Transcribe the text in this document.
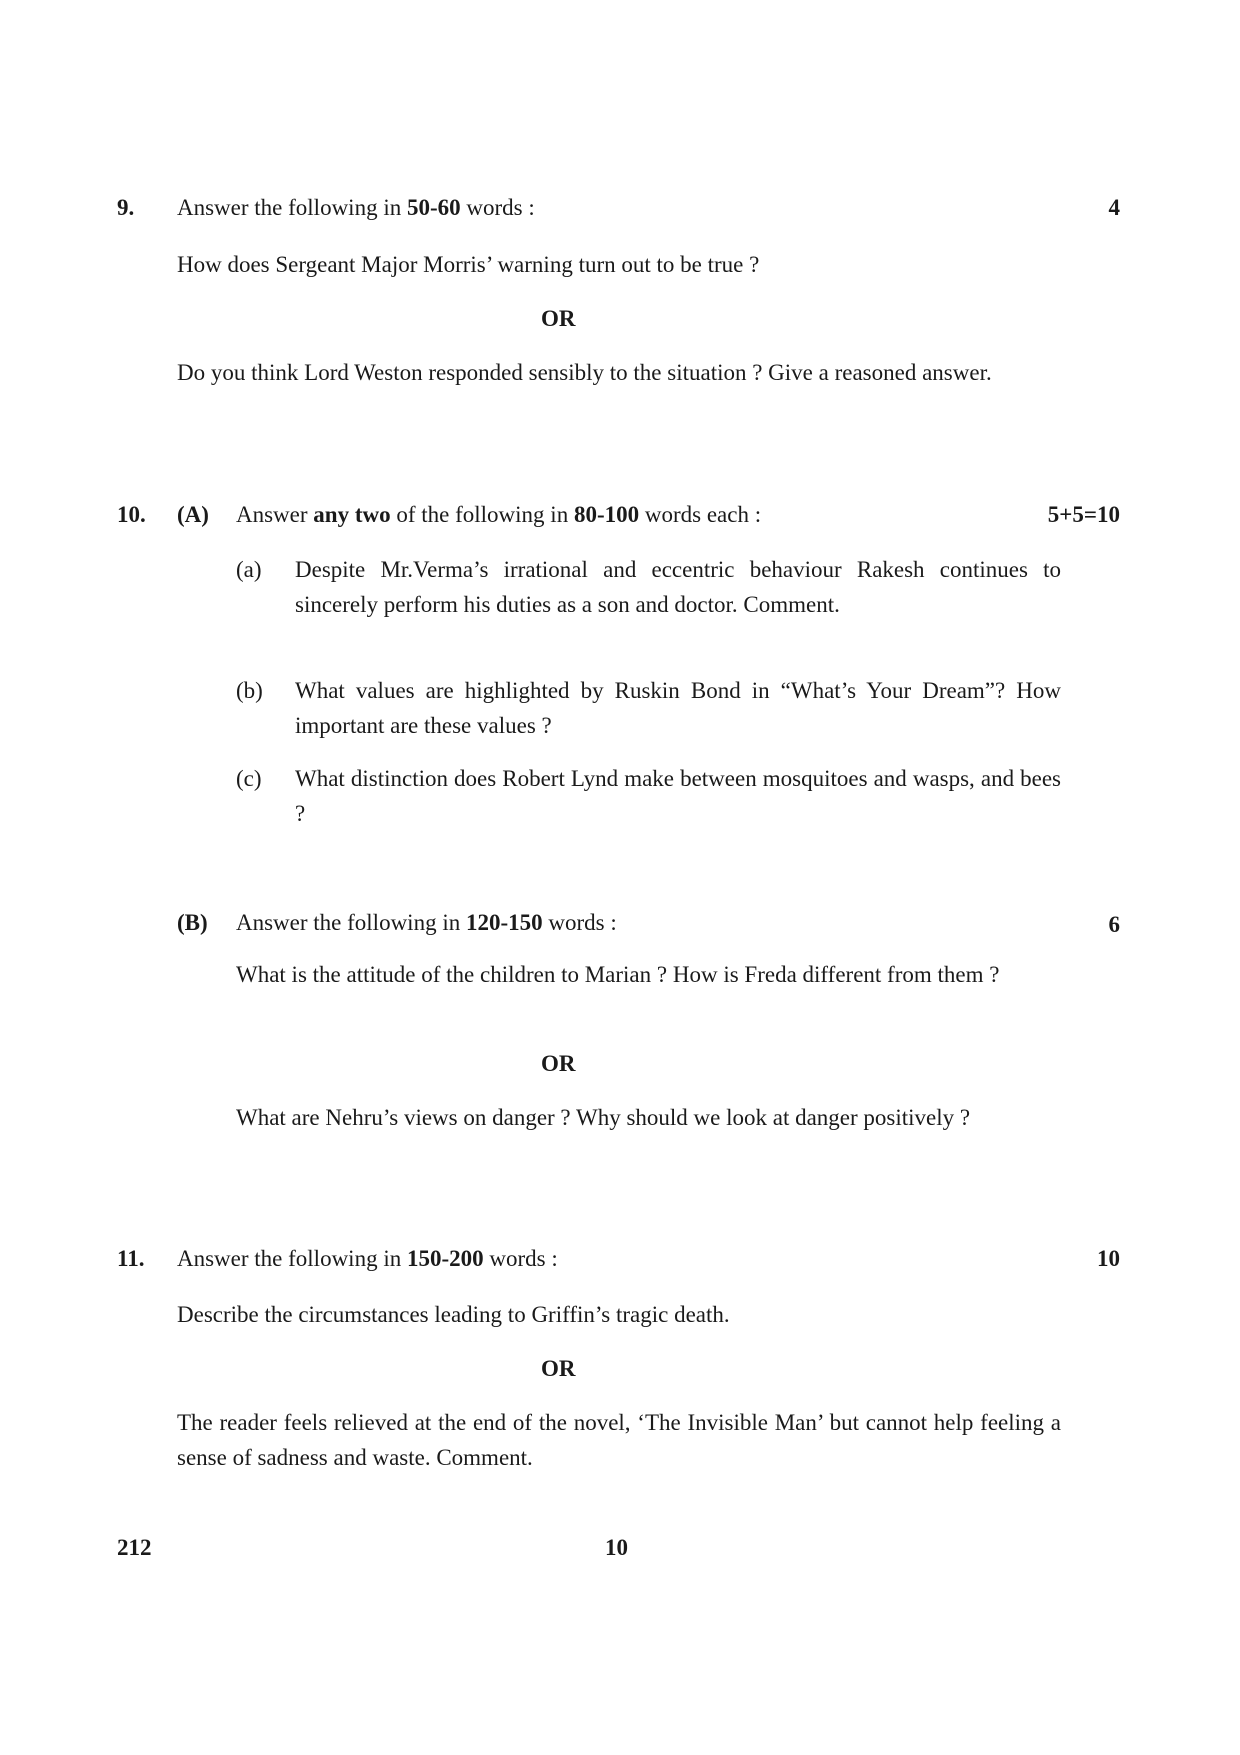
9. Answer the following in 50-60 words :	4
How does Sergeant Major Morris’ warning turn out to be true ?
OR
Do you think Lord Weston responded sensibly to the situation ? Give a reasoned answer.
10. (A) Answer any two of the following in 80-100 words each :	5+5=10
(a) Despite Mr.Verma’s irrational and eccentric behaviour Rakesh continues to sincerely perform his duties as a son and doctor. Comment.
(b) What values are highlighted by Ruskin Bond in “What’s Your Dream”? How important are these values ?
(c) What distinction does Robert Lynd make between mosquitoes and wasps, and bees ?
(B) Answer the following in 120-150 words :	6
What is the attitude of the children to Marian ? How is Freda different from them ?
OR
What are Nehru’s views on danger ? Why should we look at danger positively ?
11. Answer the following in 150-200 words :	10
Describe the circumstances leading to Griffin’s tragic death.
OR
The reader feels relieved at the end of the novel, ‘The Invisible Man’ but cannot help feeling a sense of sadness and waste. Comment.
212	10
